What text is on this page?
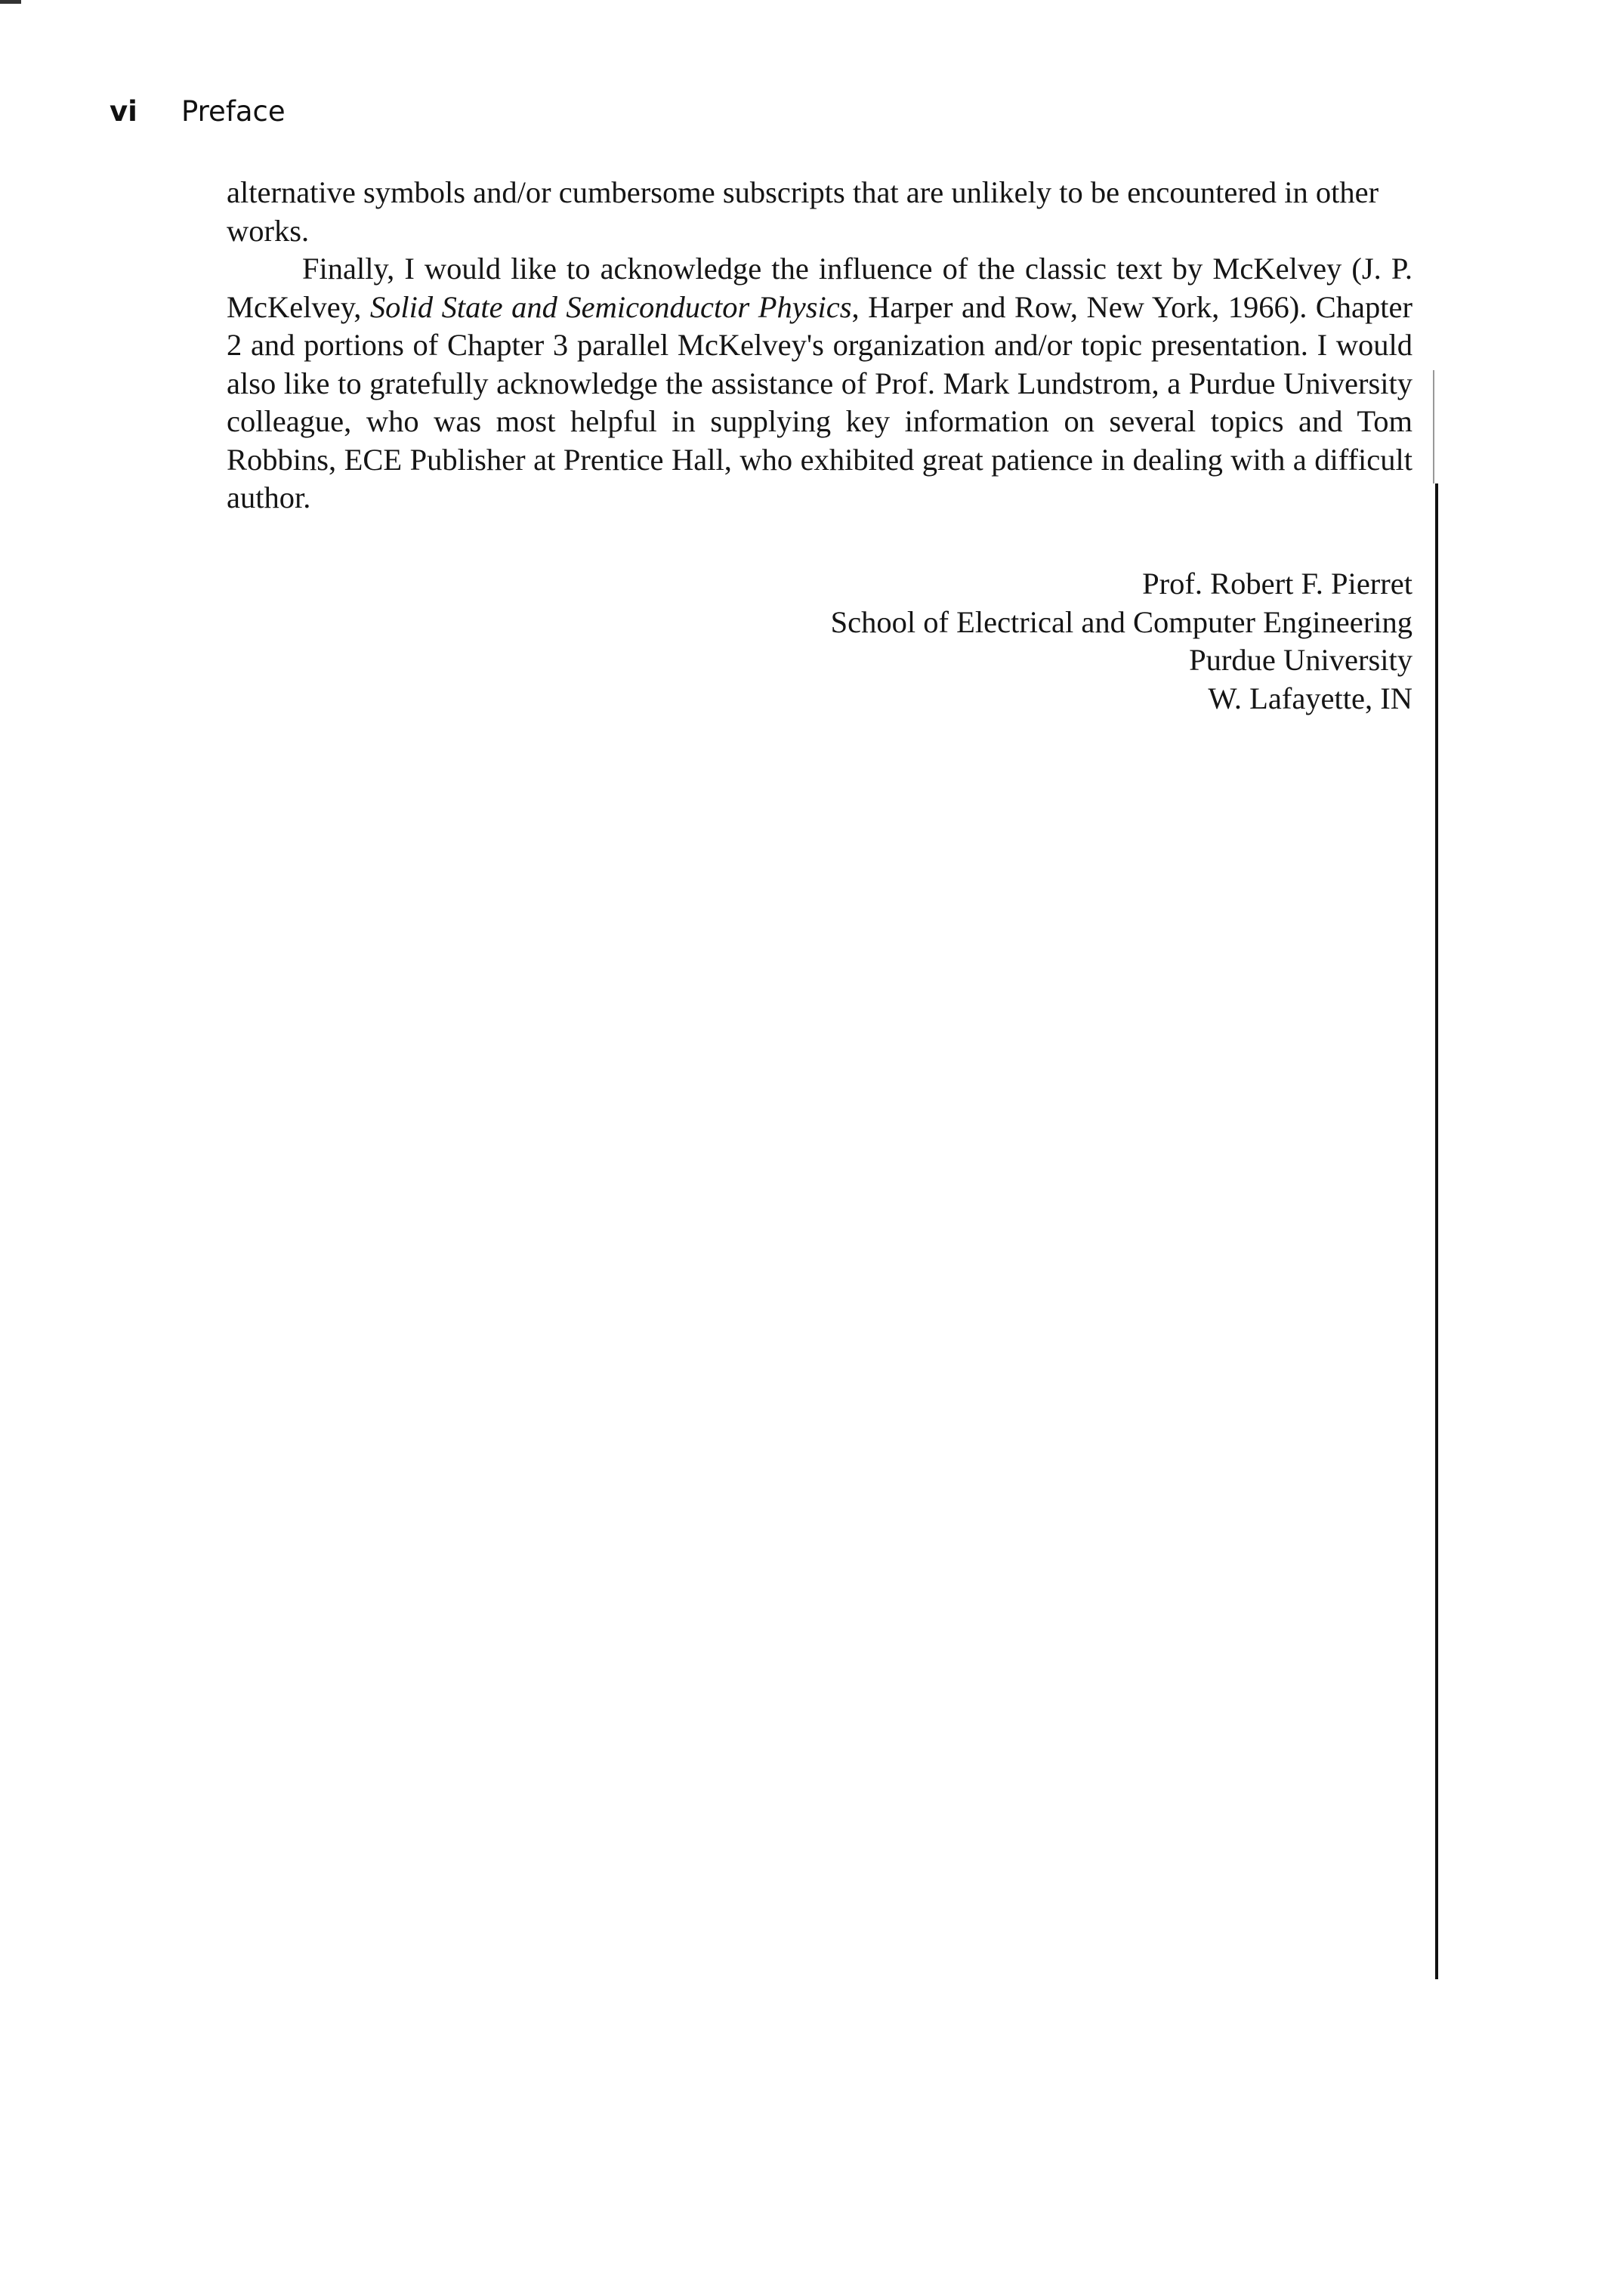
vi Preface

alternative symbols and/or cumbersome subscripts that are unlikely to be encountered in other works.

Finally, I would like to acknowledge the influence of the classic text by McKelvey (J. P. McKelvey, Solid State and Semiconductor Physics, Harper and Row, New York, 1966). Chapter 2 and portions of Chapter 3 parallel McKelvey's organization and/or topic presentation. I would also like to gratefully acknowledge the assistance of Prof. Mark Lundstrom, a Purdue University colleague, who was most helpful in supplying key information on several topics and Tom Robbins, ECE Publisher at Prentice Hall, who exhibited great patience in dealing with a difficult author.

Prof. Robert F. Pierret
School of Electrical and Computer Engineering
Purdue University
W. Lafayette, IN
